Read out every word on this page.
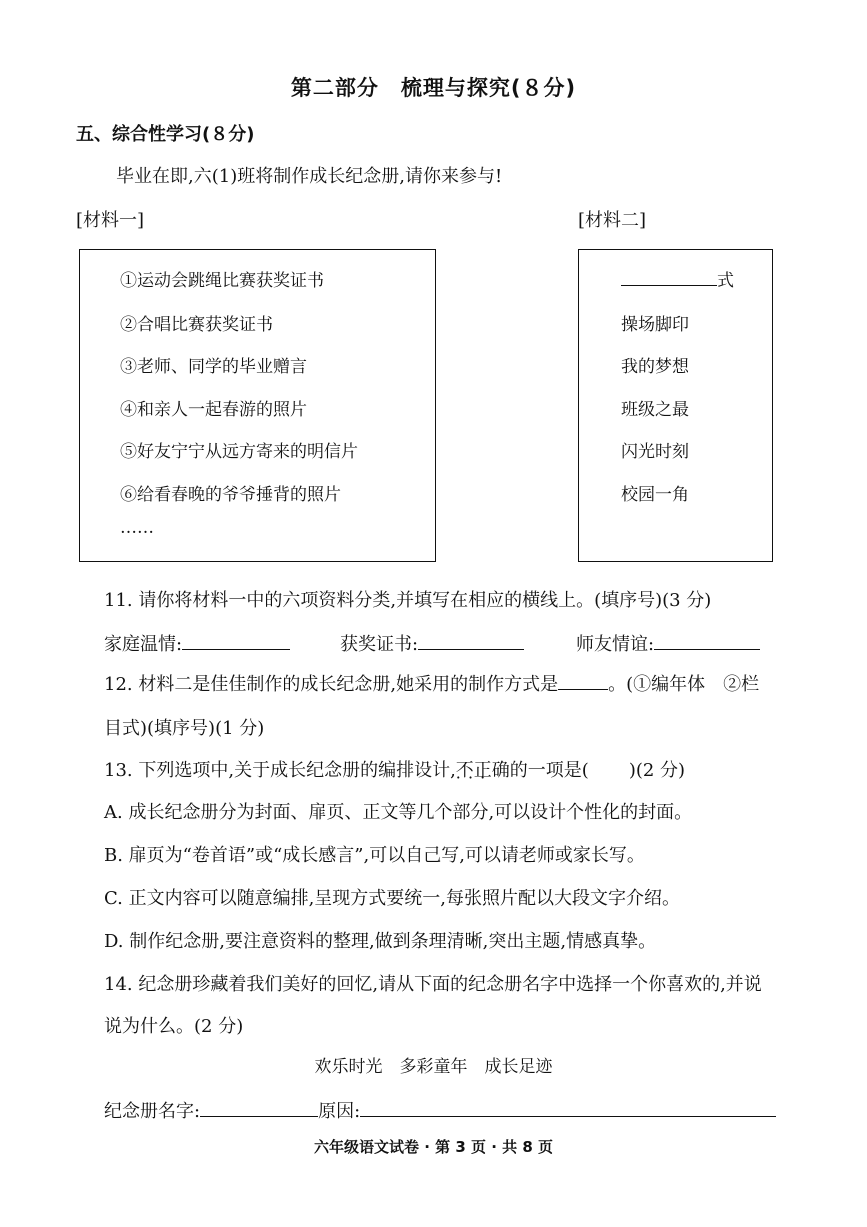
第二部分　梳理与探究(８分)
五、综合性学习(８分)
毕业在即,六(1)班将制作成长纪念册,请你来参与!
[材料一]	[材料二]
①运动会跳绳比赛获奖证书
②合唱比赛获奖证书
③老师、同学的毕业赠言
④和亲人一起春游的照片
⑤好友宁宁从远方寄来的明信片
⑥给看春晚的爷爷捶背的照片
……
式
操场脚印
我的梦想
班级之最
闪光时刻
校园一角
11. 请你将材料一中的六项资料分类,并填写在相应的横线上。(填序号)(3 分)
家庭温情:	获奖证书:	师友情谊:
12. 材料二是佳佳制作的成长纪念册,她采用的制作方式是	。(①编年体　②栏
目式)(填序号)(1 分)
13. 下列选项中,关于成长纪念册的编排设计,不正确 · · ·的一项是( )(2 分)
A. 成长纪念册分为封面、扉页、正文等几个部分,可以设计个性化的封面。
B. 扉页为“卷首语”或“成长感言”,可以自己写,可以请老师或家长写。
C. 正文内容可以随意编排,呈现方式要统一,每张照片配以大段文字介绍。
D. 制作纪念册,要注意资料的整理,做到条理清晰,突出主题,情感真挚。
14. 纪念册珍藏着我们美好的回忆,请从下面的纪念册名字中选择一个你喜欢的,并说
说为什么。(2 分)
欢乐时光　多彩童年　成长足迹
纪念册名字:	原因:
六年级语文试卷 · 第 3 页 · 共 8 页
